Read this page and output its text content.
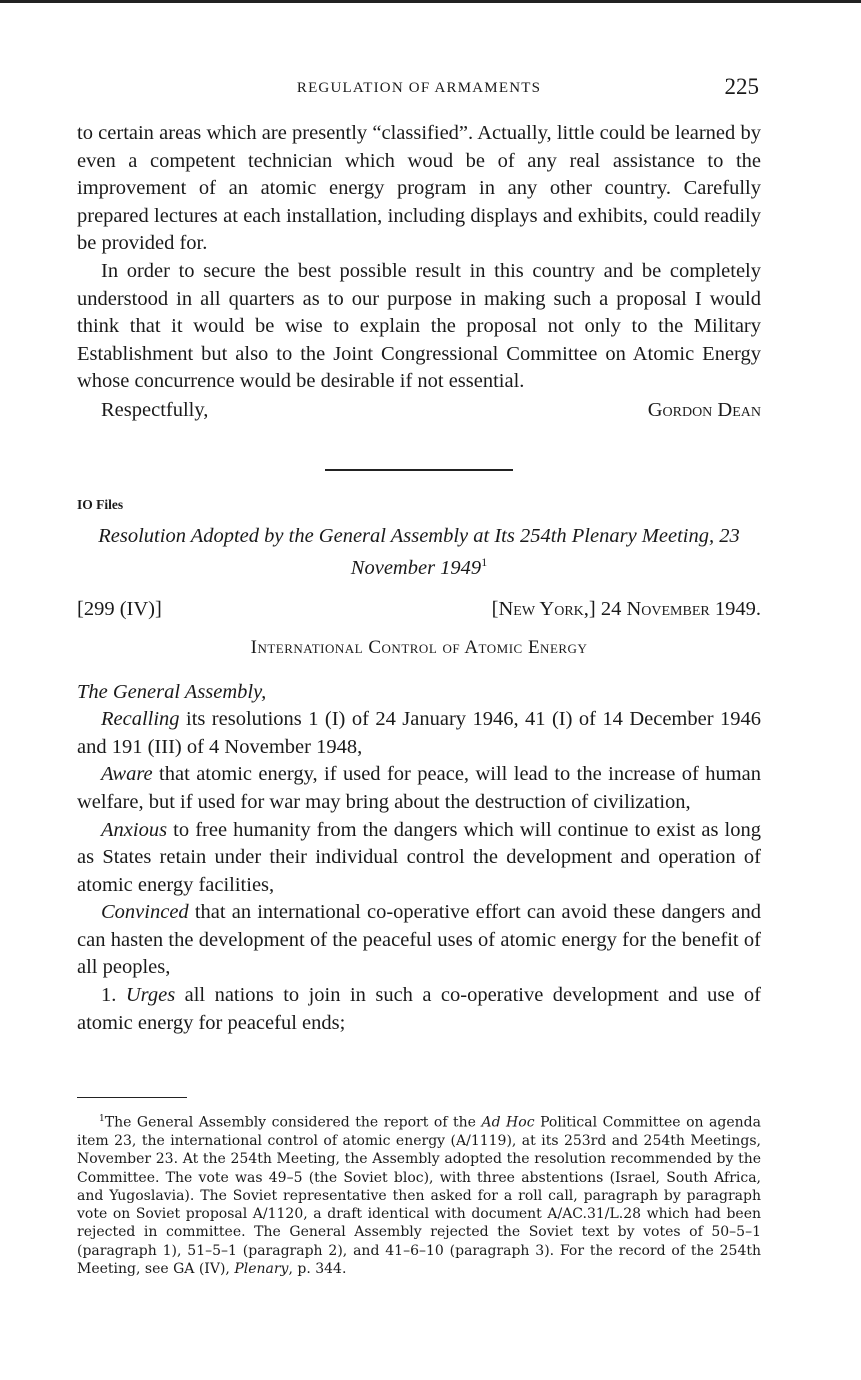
REGULATION OF ARMAMENTS	225

to certain areas which are presently “classified”. Actually, little could be learned by even a competent technician which woud be of any real assistance to the improvement of an atomic energy program in any other country. Carefully prepared lectures at each installation, including displays and exhibits, could readily be provided for.

In order to secure the best possible result in this country and be completely understood in all quarters as to our purpose in making such a proposal I would think that it would be wise to explain the proposal not only to the Military Establishment but also to the Joint Congressional Committee on Atomic Energy whose concurrence would be desirable if not essential.

Respectfully,	Gordon Dean
IO Files
Resolution Adopted by the General Assembly at Its 254th Plenary Meeting, 23 November 1949$^1$
[299 (IV)]	[New York,] 24 November 1949.
International Control of Atomic Energy
The General Assembly,

Recalling its resolutions 1 (I) of 24 January 1946, 41 (I) of 14 December 1946 and 191 (III) of 4 November 1948,

Aware that atomic energy, if used for peace, will lead to the increase of human welfare, but if used for war may bring about the destruction of civilization,

Anxious to free humanity from the dangers which will continue to exist as long as States retain under their individual control the development and operation of atomic energy facilities,

Convinced that an international co-operative effort can avoid these dangers and can hasten the development of the peaceful uses of atomic energy for the benefit of all peoples,

1. Urges all nations to join in such a co-operative development and use of atomic energy for peaceful ends;

$^1$The General Assembly considered the report of the Ad Hoc Political Committee on agenda item 23, the international control of atomic energy (A/1119), at its 253rd and 254th Meetings, November 23. At the 254th Meeting, the Assembly adopted the resolution recommended by the Committee. The vote was 49–5 (the Soviet bloc), with three abstentions (Israel, South Africa, and Yugoslavia). The Soviet representative then asked for a roll call, paragraph by paragraph vote on Soviet proposal A/1120, a draft identical with document A/AC.31/L.28 which had been rejected in committee. The General Assembly rejected the Soviet text by votes of 50–5–1 (paragraph 1), 51–5–1 (paragraph 2), and 41–6–10 (paragraph 3). For the record of the 254th Meeting, see GA (IV), Plenary, p. 344.
